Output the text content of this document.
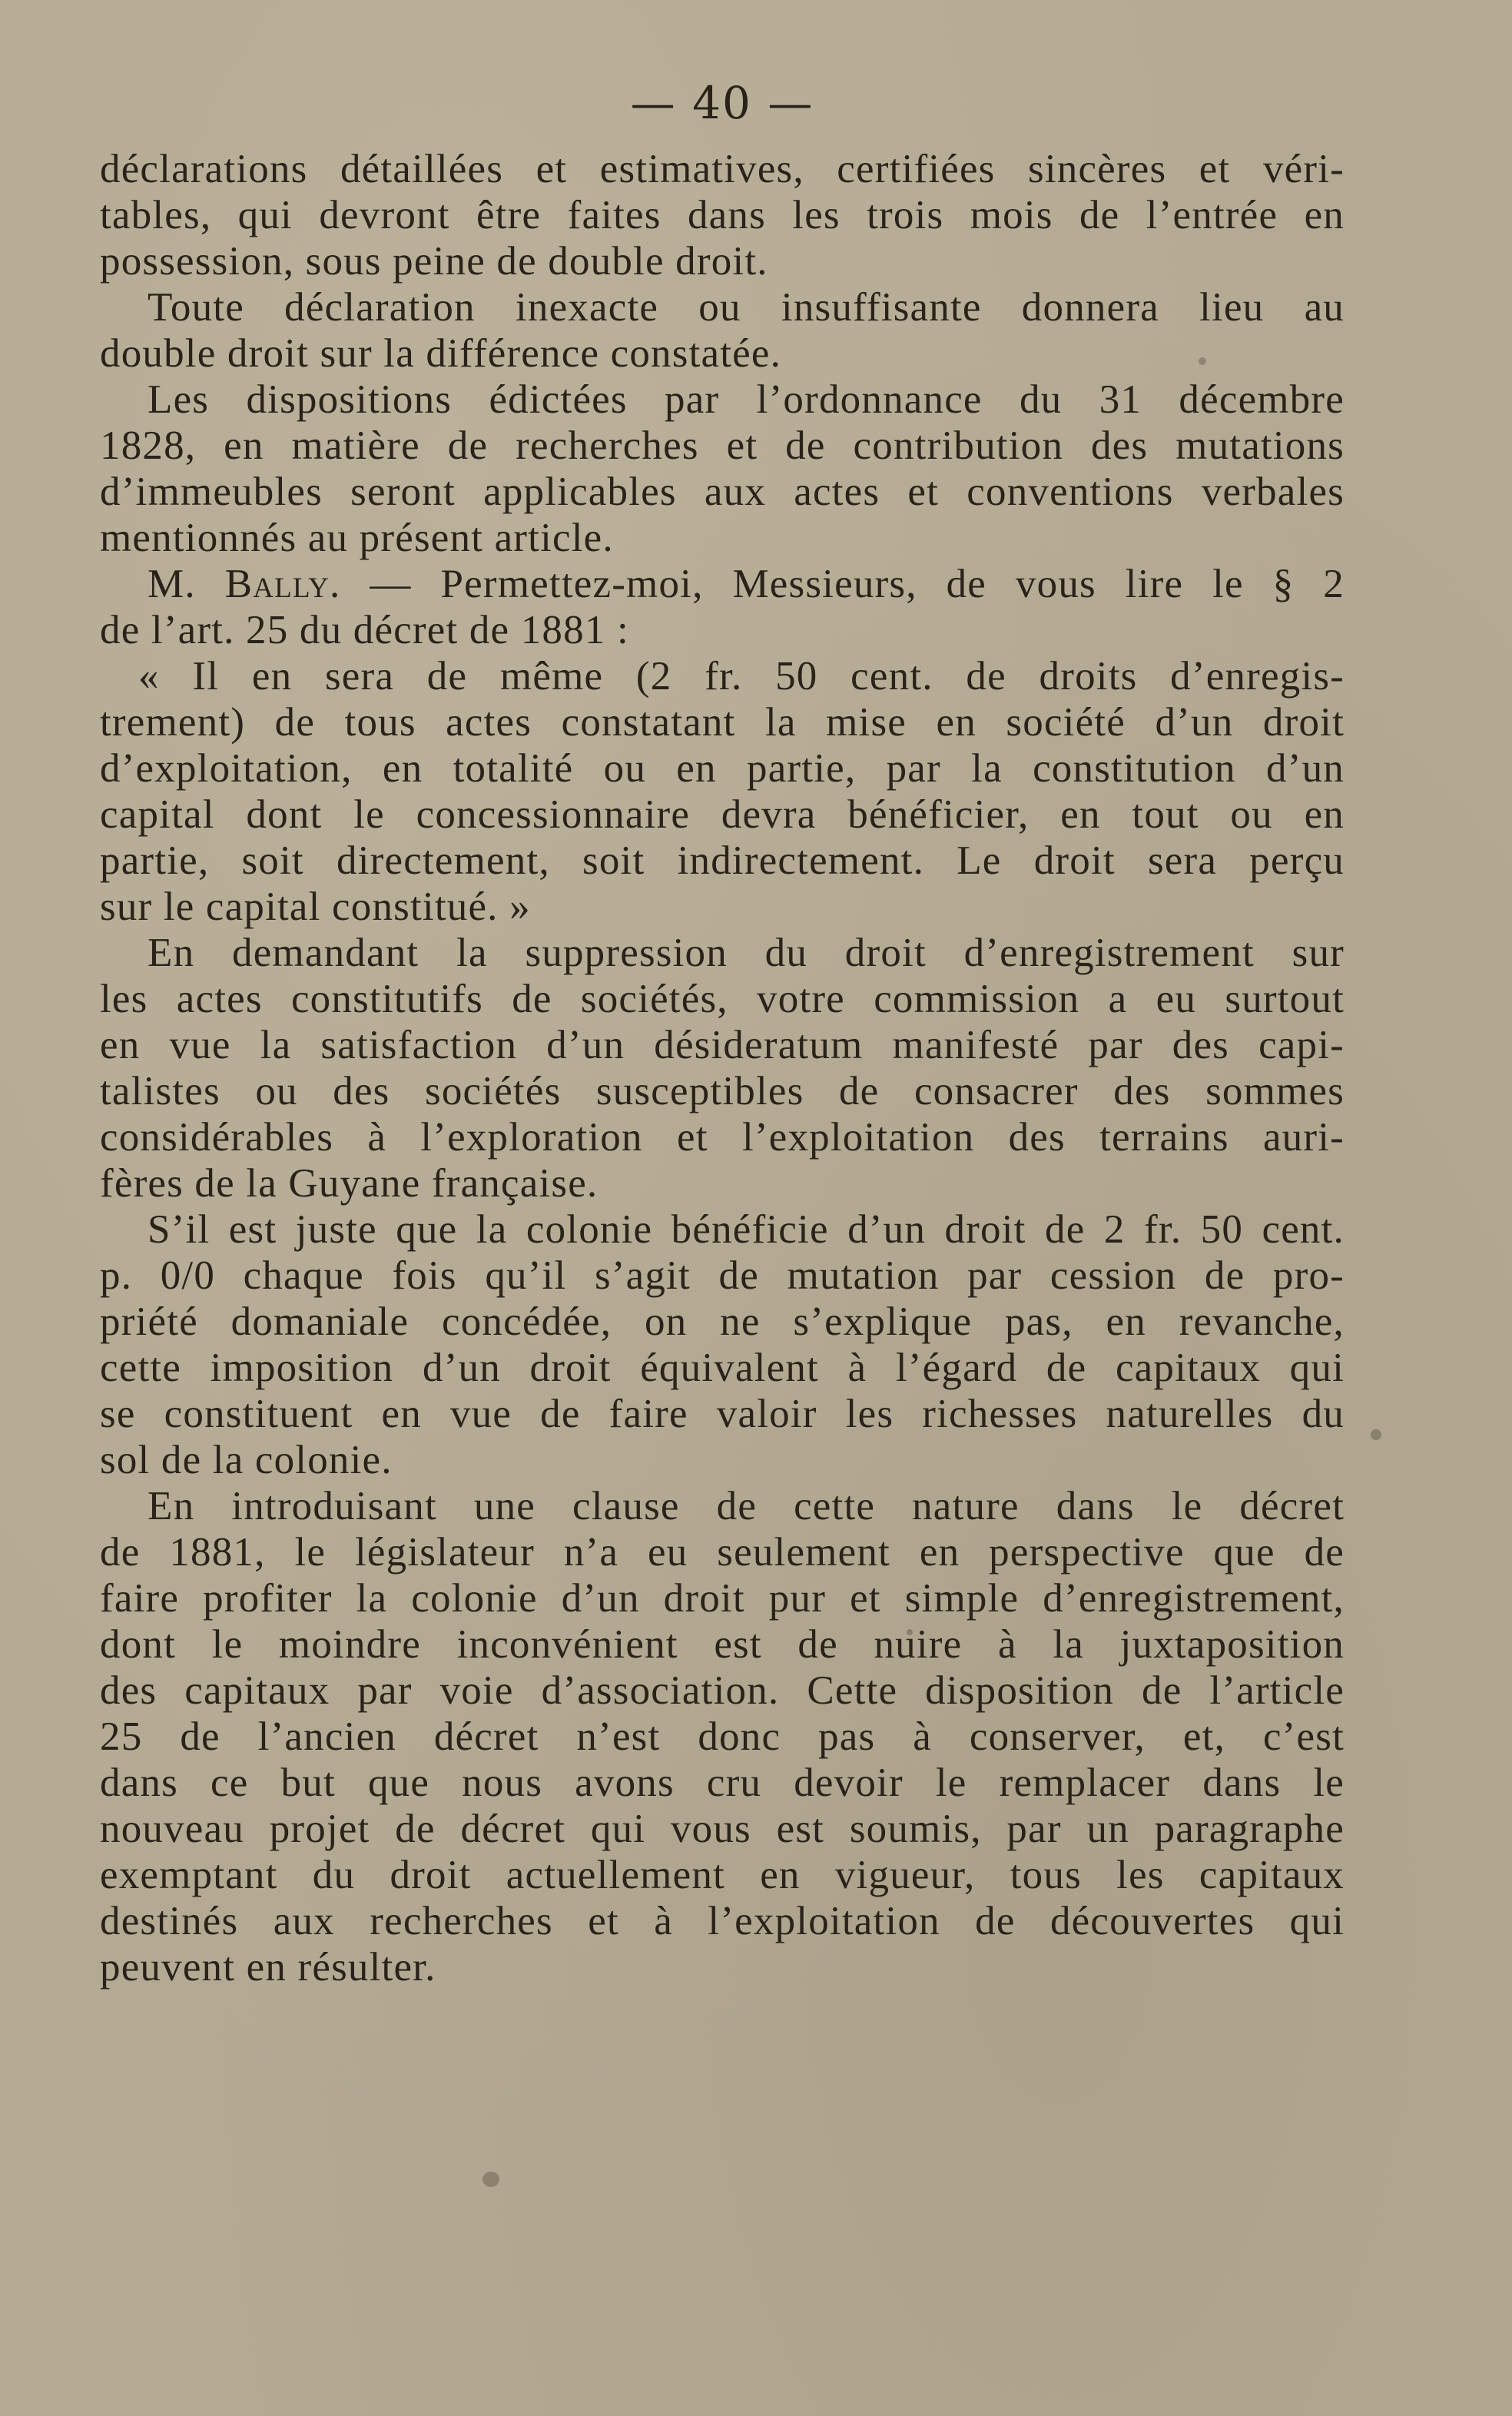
— 40 —
déclarations détaillées et estimatives, certifiées sincères et véri-
tables, qui devront être faites dans les trois mois de l’entrée en
possession, sous peine de double droit.
Toute déclaration inexacte ou insuffisante donnera lieu au
double droit sur la différence constatée.
Les dispositions édictées par l’ordonnance du 31 décembre
1828, en matière de recherches et de contribution des mutations
d’immeubles seront applicables aux actes et conventions verbales
mentionnés au présent article.
M. Bally. — Permettez-moi, Messieurs, de vous lire le § 2
de l’art. 25 du décret de 1881 :
« Il en sera de même (2 fr. 50 cent. de droits d’enregis-
trement) de tous actes constatant la mise en société d’un droit
d’exploitation, en totalité ou en partie, par la constitution d’un
capital dont le concessionnaire devra bénéficier, en tout ou en
partie, soit directement, soit indirectement. Le droit sera perçu
sur le capital constitué. »
En demandant la suppression du droit d’enregistrement sur
les actes constitutifs de sociétés, votre commission a eu surtout
en vue la satisfaction d’un désideratum manifesté par des capi-
talistes ou des sociétés susceptibles de consacrer des sommes
considérables à l’exploration et l’exploitation des terrains auri-
fères de la Guyane française.
S’il est juste que la colonie bénéficie d’un droit de 2 fr. 50 cent.
p. 0/0 chaque fois qu’il s’agit de mutation par cession de pro-
priété domaniale concédée, on ne s’explique pas, en revanche,
cette imposition d’un droit équivalent à l’égard de capitaux qui
se constituent en vue de faire valoir les richesses naturelles du
sol de la colonie.
En introduisant une clause de cette nature dans le décret
de 1881, le législateur n’a eu seulement en perspective que de
faire profiter la colonie d’un droit pur et simple d’enregistrement,
dont le moindre inconvénient est de nuire à la juxtaposition
des capitaux par voie d’association. Cette disposition de l’article
25 de l’ancien décret n’est donc pas à conserver, et, c’est
dans ce but que nous avons cru devoir le remplacer dans le
nouveau projet de décret qui vous est soumis, par un paragraphe
exemptant du droit actuellement en vigueur, tous les capitaux
destinés aux recherches et à l’exploitation de découvertes qui
peuvent en résulter.
